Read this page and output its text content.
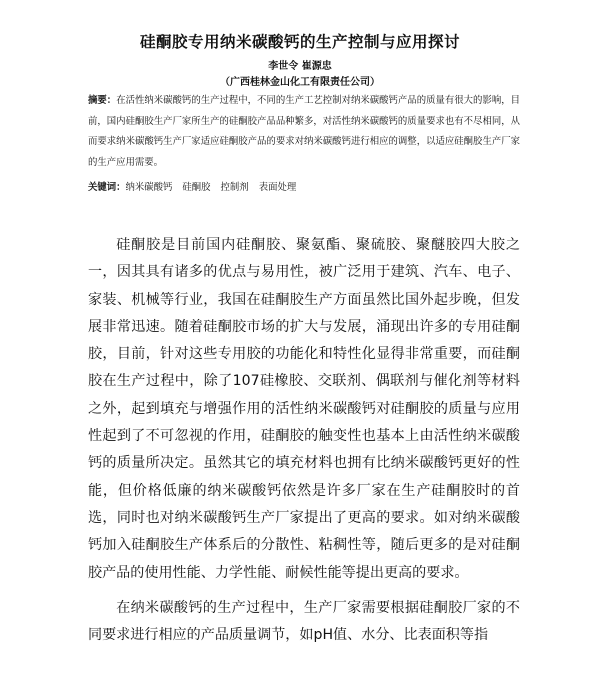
硅酮胶专用纳米碳酸钙的生产控制与应用探讨
李世令 崔源忠
（广西桂林金山化工有限责任公司）

摘要：在活性纳米碳酸钙的生产过程中，不同的生产工艺控制对纳米碳酸钙产品的质量有很大的影响，目前，国内硅酮胶生产厂家所生产的硅酮胶产品品种繁多，对活性纳米碳酸钙的质量要求也有不尽相同，从而要求纳米碳酸钙生产厂家适应硅酮胶产品的要求对纳米碳酸钙进行相应的调整，以适应硅酮胶生产厂家的生产应用需要。

关键词：纳米碳酸钙 硅酮胶 控制剂 表面处理

硅酮胶是目前国内硅酮胶、聚氨酯、聚硫胶、聚醚胶四大胶之一，因其具有诸多的优点与易用性，被广泛用于建筑、汽车、电子、家装、机械等行业，我国在硅酮胶生产方面虽然比国外起步晚，但发展非常迅速。随着硅酮胶市场的扩大与发展，涌现出许多的专用硅酮胶，目前，针对这些专用胶的功能化和特性化显得非常重要，而硅酮胶在生产过程中，除了107硅橡胶、交联剂、偶联剂与催化剂等材料之外，起到填充与增强作用的活性纳米碳酸钙对硅酮胶的质量与应用性起到了不可忽视的作用，硅酮胶的触变性也基本上由活性纳米碳酸钙的质量所决定。虽然其它的填充材料也拥有比纳米碳酸钙更好的性能，但价格低廉的纳米碳酸钙依然是许多厂家在生产硅酮胶时的首选，同时也对纳米碳酸钙生产厂家提出了更高的要求。如对纳米碳酸钙加入硅酮胶生产体系后的分散性、粘稠性等，随后更多的是对硅酮胶产品的使用性能、力学性能、耐候性能等提出更高的要求。

在纳米碳酸钙的生产过程中，生产厂家需要根据硅酮胶厂家的不同要求进行相应的产品质量调节，如pH值、水分、比表面积等指
